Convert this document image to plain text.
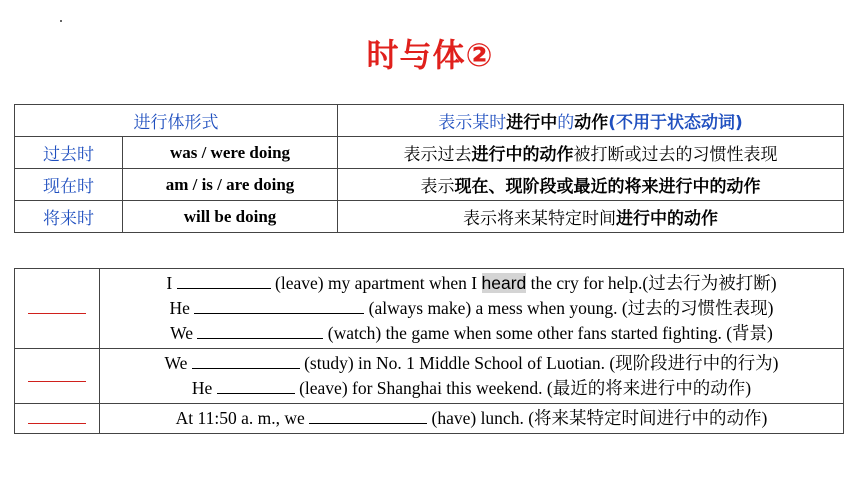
时与体②
进行体形式		表示某时进行中的动作(不用于状态动词)
过去时	was / were doing	表示过去进行中的动作被打断或过去的习惯性表现
现在时	am / is / are doing	表示现在、现阶段或最近的将来进行中的动作
将来时	will be doing	表示将来某特定时间进行中的动作

	I (leave) my apartment when I heard the cry for help.(过去行为被打断)
He (always make) a mess when young. (过去的习惯性表现)
We (watch) the game when some other fans started fighting. (背景)

	We (study) in No. 1 Middle School of Luotian. (现阶段进行中的行为)
He (leave) for Shanghai this weekend. (最近的将来进行中的动作)

	At 11:50 a. m., we (have) lunch. (将来某特定时间进行中的动作)
